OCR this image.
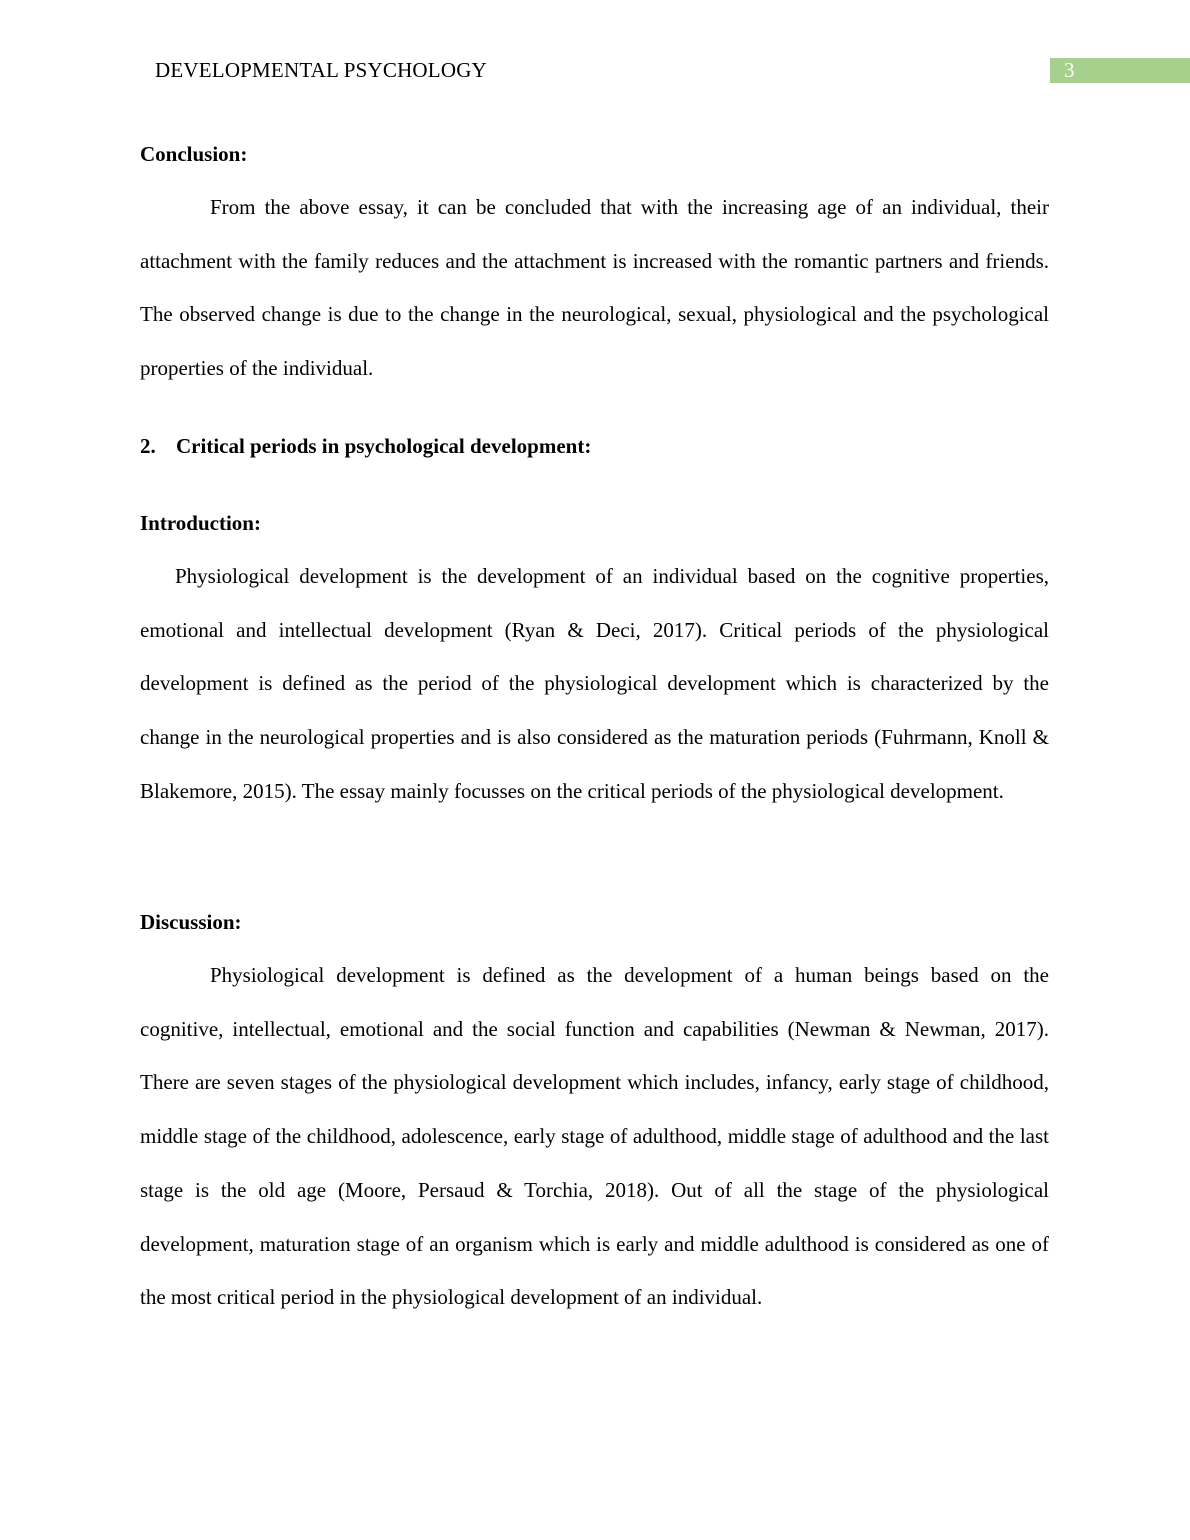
DEVELOPMENTAL PSYCHOLOGY	3
Conclusion:

From the above essay, it can be concluded that with the increasing age of an individual, their attachment with the family reduces and the attachment is increased with the romantic partners and friends. The observed change is due to the change in the neurological, sexual, physiological and the psychological properties of the individual.

2. Critical periods in psychological development:
Introduction:

Physiological development is the development of an individual based on the cognitive properties, emotional and intellectual development (Ryan & Deci, 2017). Critical periods of the physiological development is defined as the period of the physiological development which is characterized by the change in the neurological properties and is also considered as the maturation periods (Fuhrmann, Knoll & Blakemore, 2015). The essay mainly focusses on the critical periods of the physiological development.

Discussion:

Physiological development is defined as the development of a human beings based on the cognitive, intellectual, emotional and the social function and capabilities (Newman & Newman, 2017). There are seven stages of the physiological development which includes, infancy, early stage of childhood, middle stage of the childhood, adolescence, early stage of adulthood, middle stage of adulthood and the last stage is the old age (Moore, Persaud & Torchia, 2018). Out of all the stage of the physiological development, maturation stage of an organism which is early and middle adulthood is considered as one of the most critical period in the physiological development of an individual.
